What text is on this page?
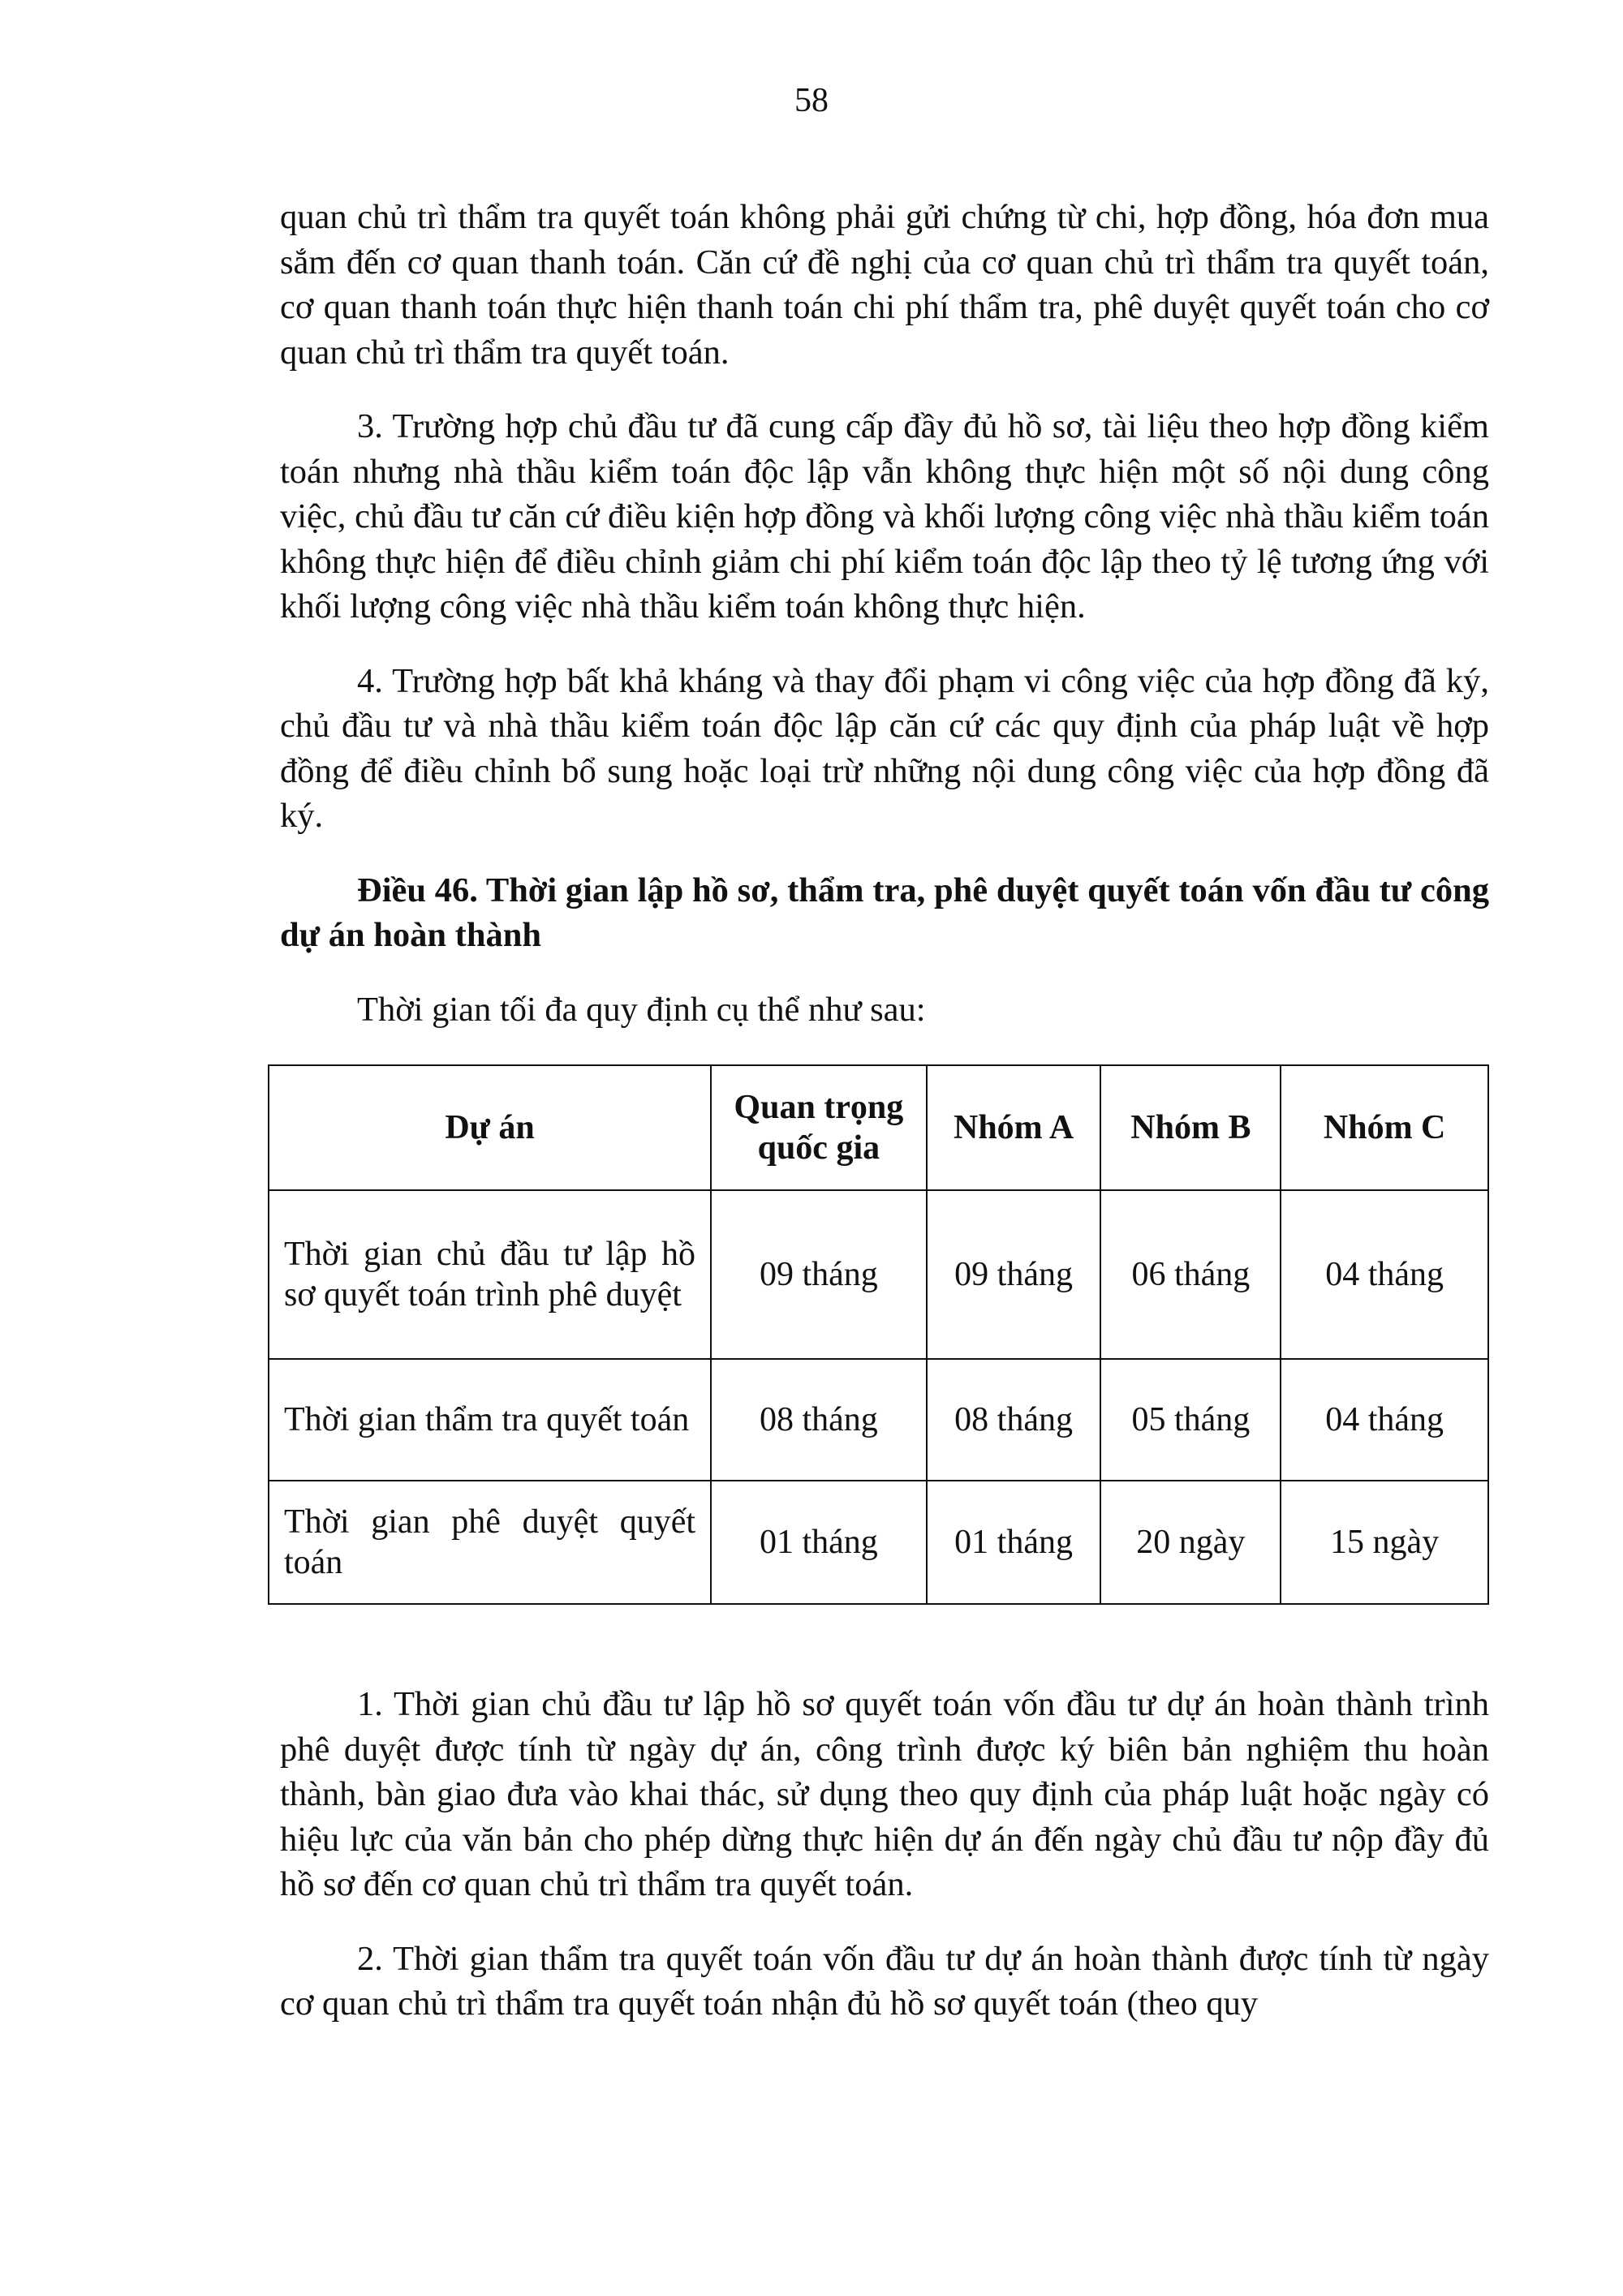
58

quan chủ trì thẩm tra quyết toán không phải gửi chứng từ chi, hợp đồng, hóa đơn mua sắm đến cơ quan thanh toán. Căn cứ đề nghị của cơ quan chủ trì thẩm tra quyết toán, cơ quan thanh toán thực hiện thanh toán chi phí thẩm tra, phê duyệt quyết toán cho cơ quan chủ trì thẩm tra quyết toán.

3. Trường hợp chủ đầu tư đã cung cấp đầy đủ hồ sơ, tài liệu theo hợp đồng kiểm toán nhưng nhà thầu kiểm toán độc lập vẫn không thực hiện một số nội dung công việc, chủ đầu tư căn cứ điều kiện hợp đồng và khối lượng công việc nhà thầu kiểm toán không thực hiện để điều chỉnh giảm chi phí kiểm toán độc lập theo tỷ lệ tương ứng với khối lượng công việc nhà thầu kiểm toán không thực hiện.

4. Trường hợp bất khả kháng và thay đổi phạm vi công việc của hợp đồng đã ký, chủ đầu tư và nhà thầu kiểm toán độc lập căn cứ các quy định của pháp luật về hợp đồng để điều chỉnh bổ sung hoặc loại trừ những nội dung công việc của hợp đồng đã ký.

Điều 46. Thời gian lập hồ sơ, thẩm tra, phê duyệt quyết toán vốn đầu tư công dự án hoàn thành

Thời gian tối đa quy định cụ thể như sau:

Dự án	Quan trọng quốc gia	Nhóm A	Nhóm B	Nhóm C
Thời gian chủ đầu tư lập hồ sơ quyết toán trình phê duyệt	09 tháng	09 tháng	06 tháng	04 tháng
Thời gian thẩm tra quyết toán	08 tháng	08 tháng	05 tháng	04 tháng
Thời gian phê duyệt quyết toán	01 tháng	01 tháng	20 ngày	15 ngày

1. Thời gian chủ đầu tư lập hồ sơ quyết toán vốn đầu tư dự án hoàn thành trình phê duyệt được tính từ ngày dự án, công trình được ký biên bản nghiệm thu hoàn thành, bàn giao đưa vào khai thác, sử dụng theo quy định của pháp luật hoặc ngày có hiệu lực của văn bản cho phép dừng thực hiện dự án đến ngày chủ đầu tư nộp đầy đủ hồ sơ đến cơ quan chủ trì thẩm tra quyết toán.

2. Thời gian thẩm tra quyết toán vốn đầu tư dự án hoàn thành được tính từ ngày cơ quan chủ trì thẩm tra quyết toán nhận đủ hồ sơ quyết toán (theo quy
